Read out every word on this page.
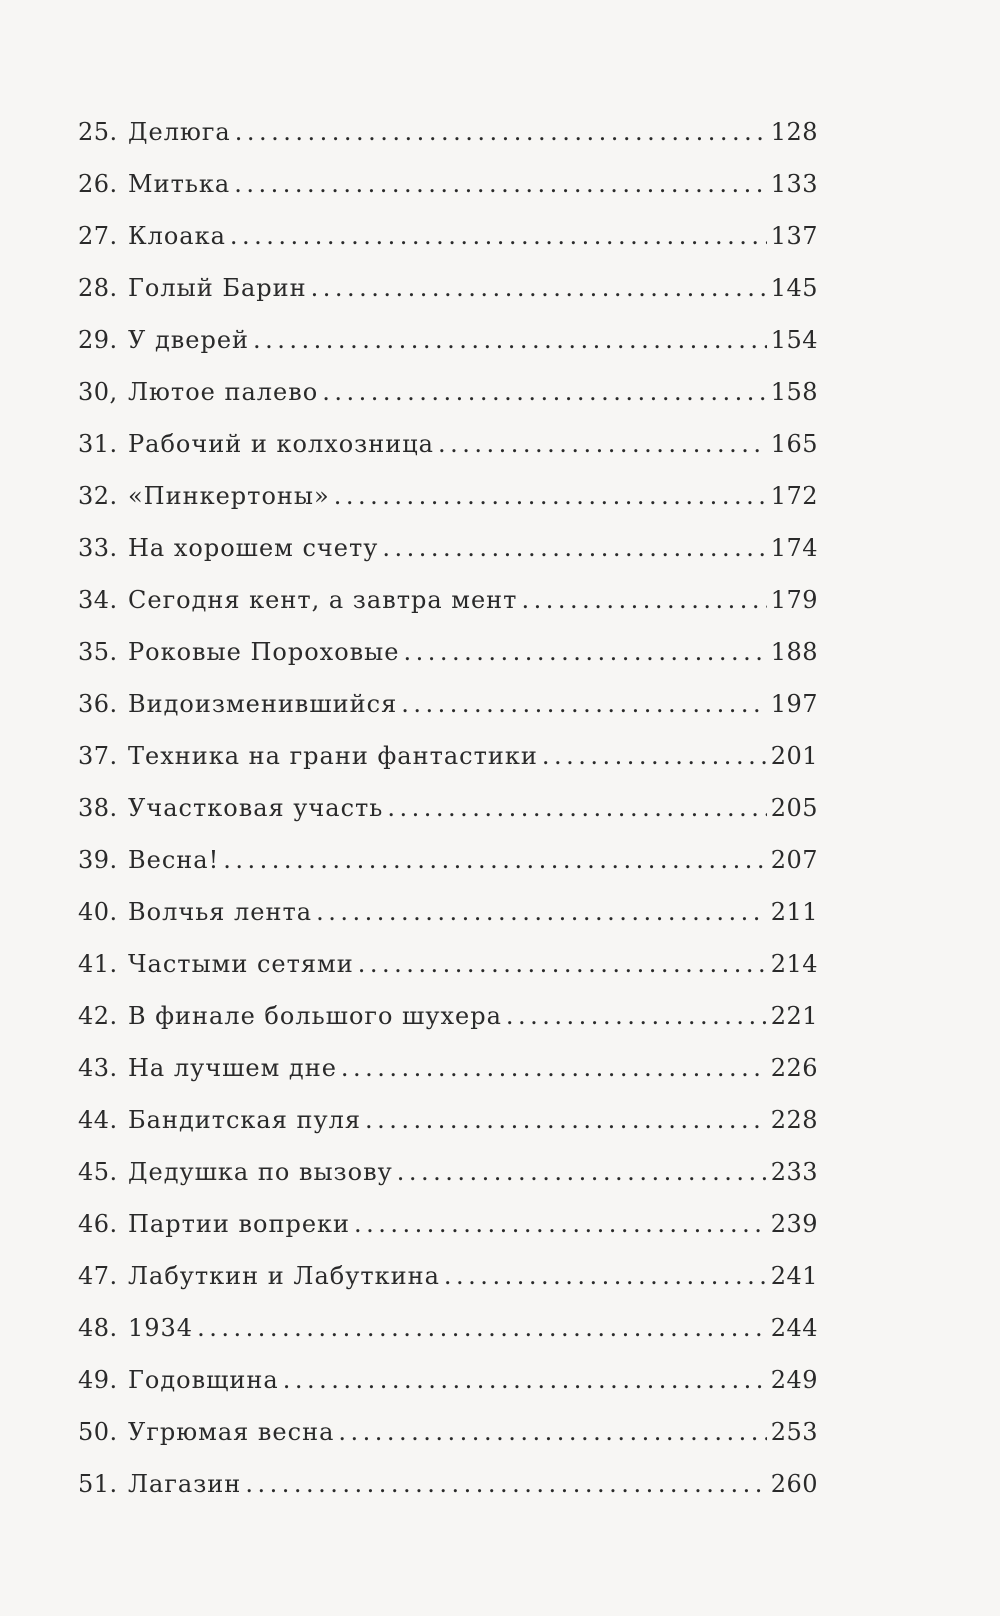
25. Делюга .....	128
26. Митька .....	133
27. Клоака .....	137
28. Голый Барин .....	145
29. У дверей .....	154
30, Лютое палево .....	158
31. Рабочий и колхозница .....	165
32. «Пинкертоны» .....	172
33. На хорошем счету .....	174
34. Сегодня кент, а завтра мент .....	179
35. Роковые Пороховые .....	188
36. Видоизменившийся .....	197
37. Техника на грани фантастики .....	201
38. Участковая участь .....	205
39. Весна! .....	207
40. Волчья лента .....	211
41. Частыми сетями .....	214
42. В финале большого шухера .....	221
43. На лучшем дне .....	226
44. Бандитская пуля .....	228
45. Дедушка по вызову .....	233
46. Партии вопреки .....	239
47. Лабуткин и Лабуткина .....	241
48. 1934 .....	244
49. Годовщина .....	249
50. Угрюмая весна .....	253
51. Лагазин .....	260
